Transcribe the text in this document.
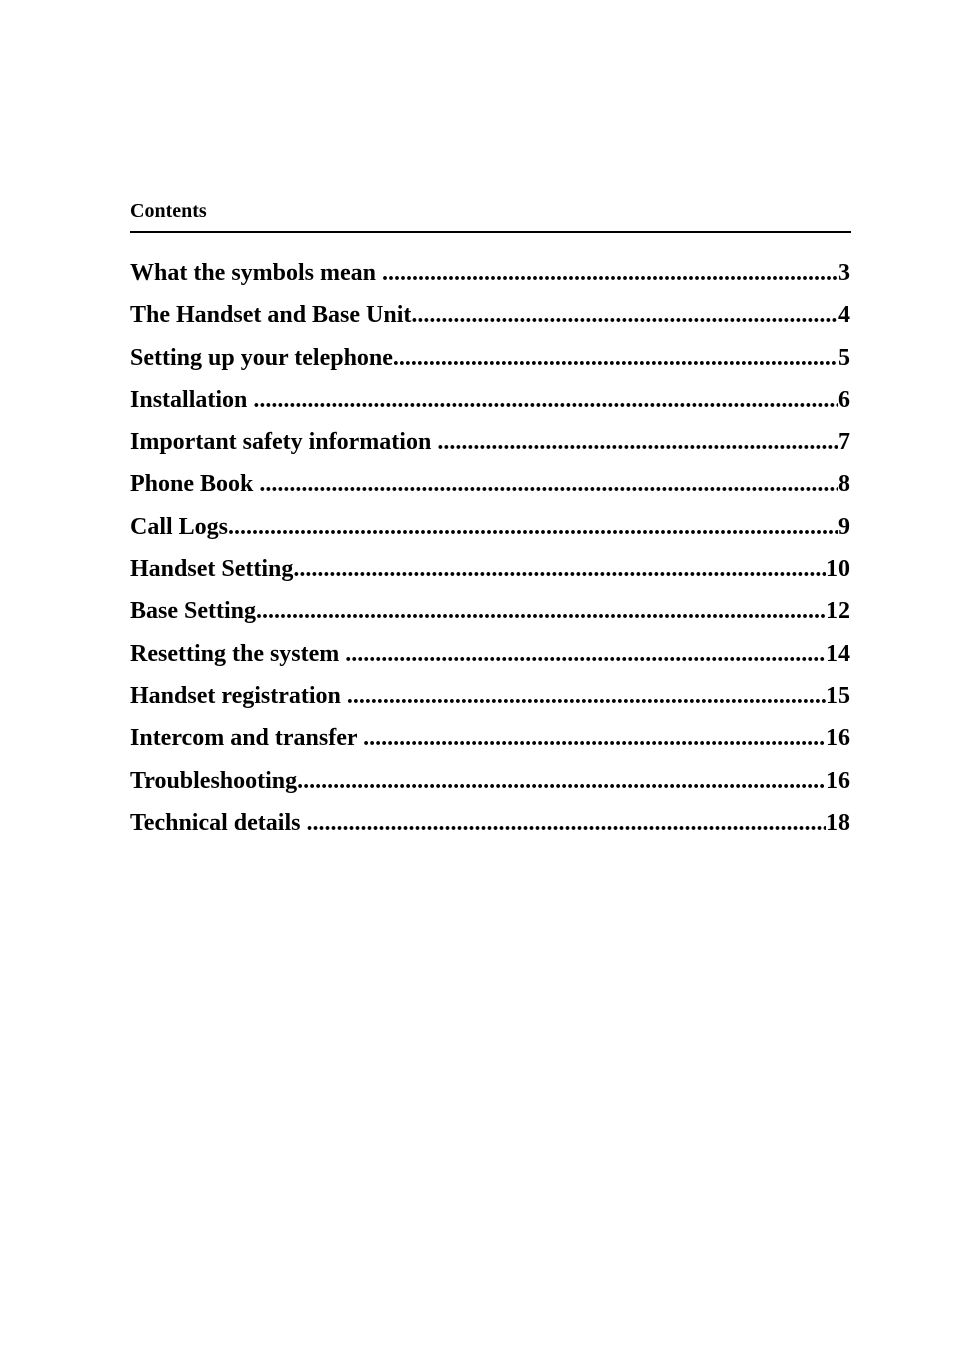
Contents
What the symbols mean .....	3
The Handset and Base Unit .....	4
Setting up your telephone .....	5
Installation .....	6
Important safety information .....	7
Phone Book .....	8
Call Logs .....	9
Handset Setting .....	10
Base Setting .....	12
Resetting the system .....	14
Handset registration .....	15
Intercom and transfer .....	16
Troubleshooting .....	16
Technical details .....	18
